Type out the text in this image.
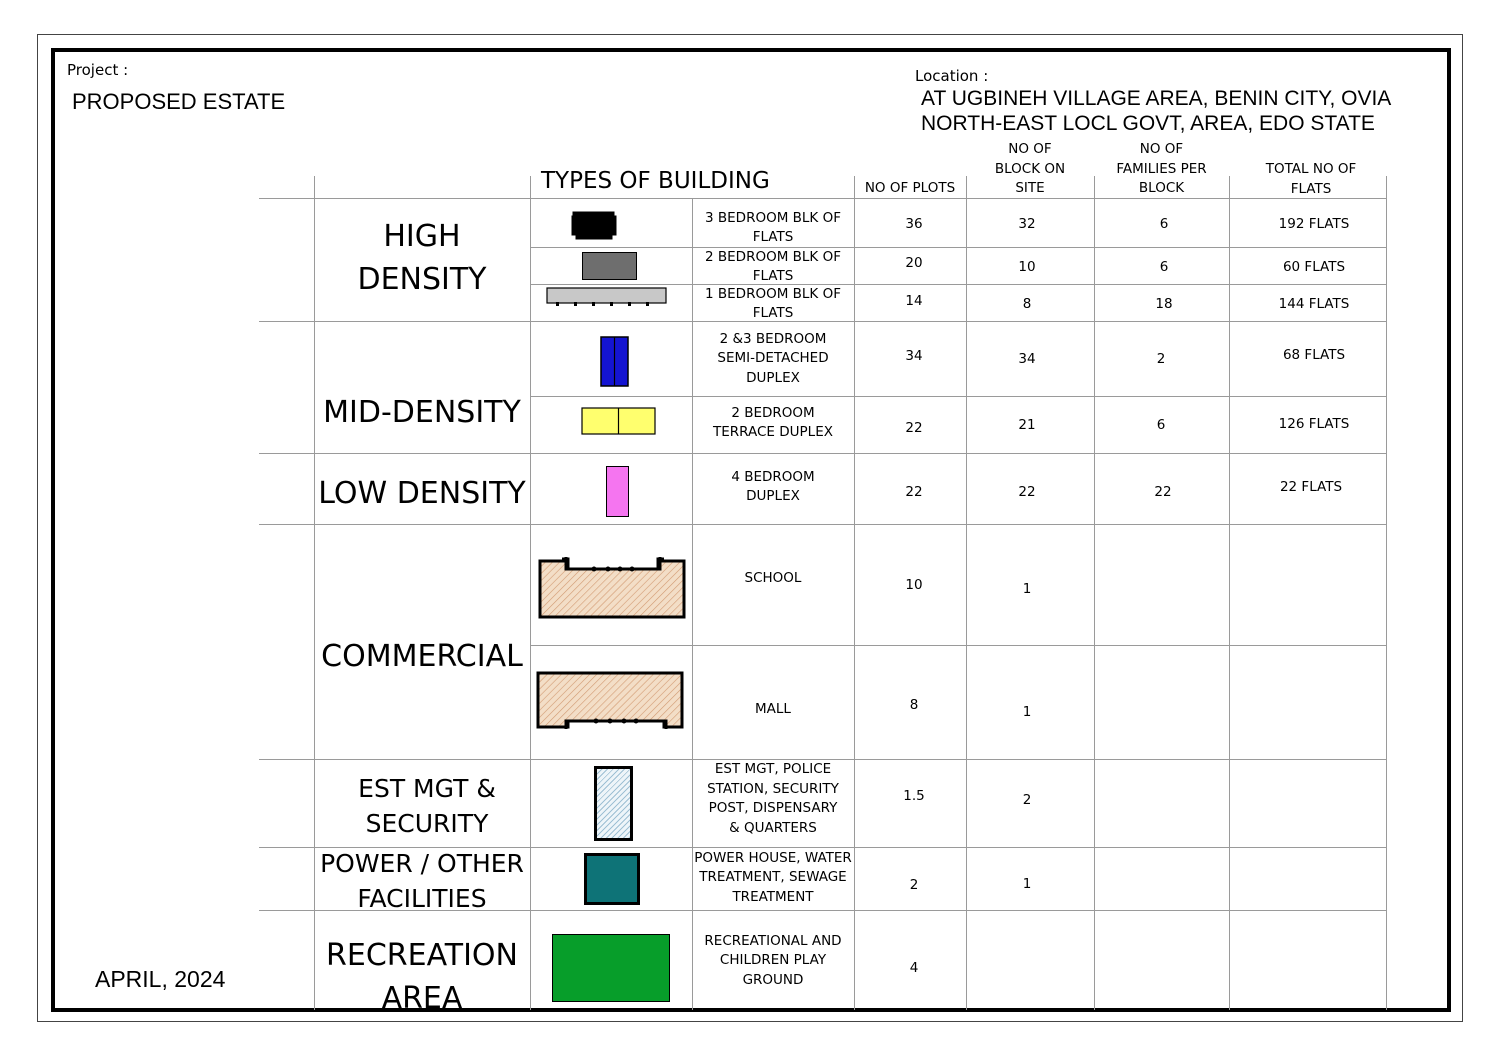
Project :
PROPOSED ESTATE
Location :
AT UGBINEH VILLAGE AREA, BENIN CITY, OVIA
NORTH-EAST LOCL GOVT, AREA, EDO STATE
APRIL, 2024
TYPES OF BUILDING	NO OF PLOTS
NO OF
BLOCK ON
SITE
NO OF
FAMILIES PER
BLOCK
TOTAL NO OF
FLATS
HIGH
DENSITY
MID-DENSITY
LOW DENSITY
COMMERCIAL
EST MGT &
SECURITY
POWER / OTHER
FACILITIES
RECREATION
AREA
3 BEDROOM BLK OF
FLATS
2 BEDROOM BLK OF
FLATS
1 BEDROOM BLK OF
FLATS
2 &3 BEDROOM
SEMI-DETACHED
DUPLEX
2 BEDROOM
TERRACE DUPLEX
4 BEDROOM
DUPLEX
SCHOOL
MALL
EST MGT, POLICE
STATION, SECURITY
POST, DISPENSARY
& QUARTERS
POWER HOUSE, WATER
TREATMENT, SEWAGE
TREATMENT
RECREATIONAL AND
CHILDREN PLAY
GROUND
36
20
14
34
22
22
10
8
1.5
2
4
32
10
8
34
21
22
1
1
2
1
6
6
18
2
6
22
192 FLATS
60 FLATS
144 FLATS
68 FLATS
126 FLATS
22 FLATS
